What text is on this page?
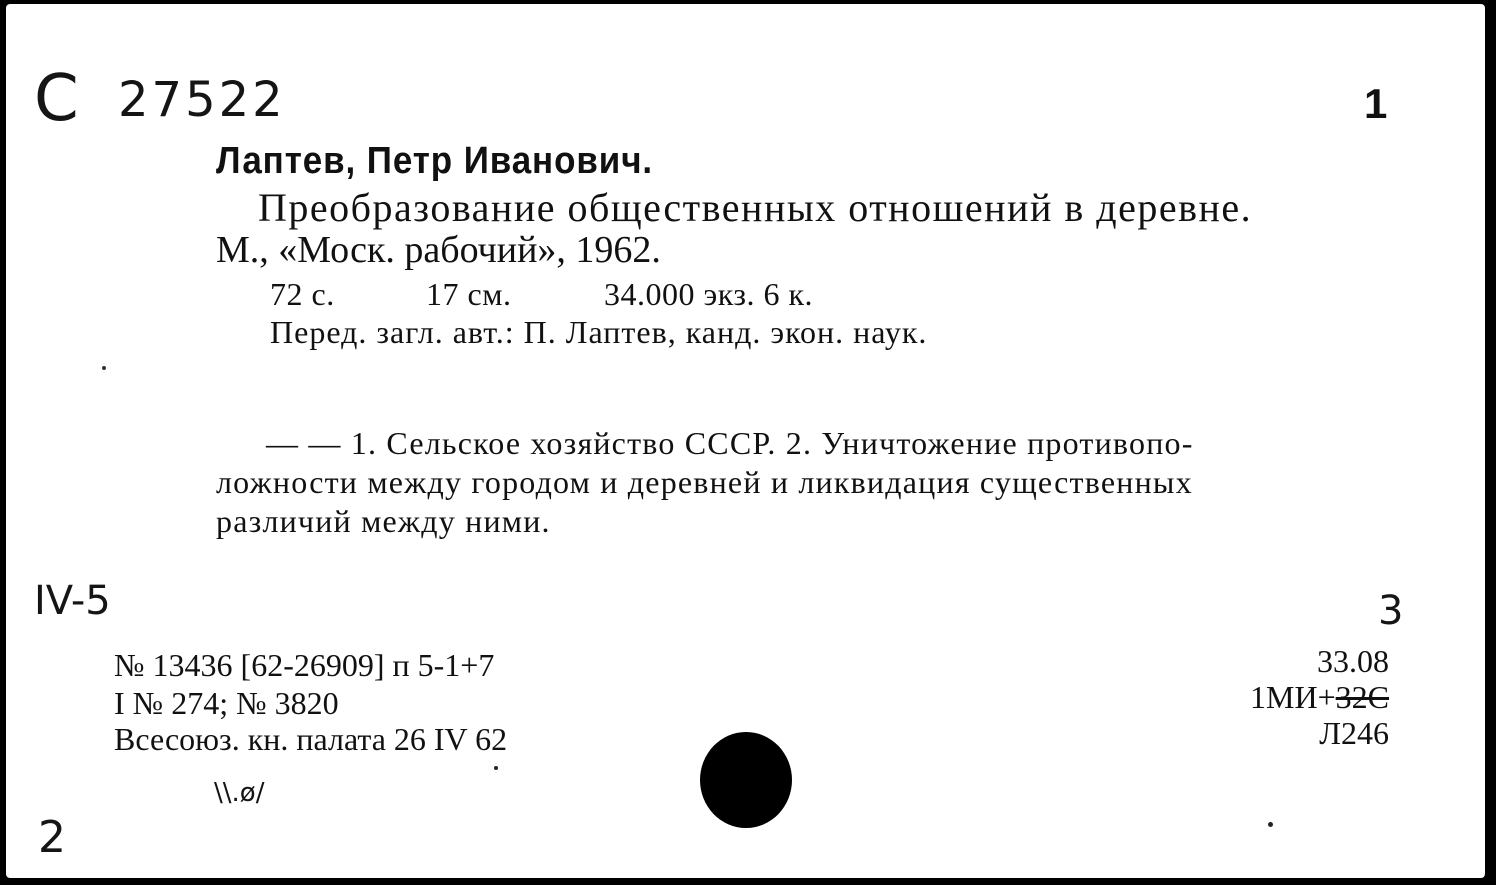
С 27522	1
Лаптев, Петр Иванович.
Преобразование общественных отношений в деревне.
М., «Моск. рабочий», 1962.
72 с.	17 см.	34.000 экз. 6 к.
Перед. загл. авт.: П. Лаптев, канд. экон. наук.
— — 1. Сельское хозяйство СССР. 2. Уничтожение противопо-
ложности между городом и деревней и ликвидация существенных
различий между ними.
IV-5	3
№ 13436 [62-26909] п 5-1+7
I № 274; № 3820
Всесоюз. кн. палата 26 IV 62
33.08
1МИ+32С
Л246
\\.ø/
2
